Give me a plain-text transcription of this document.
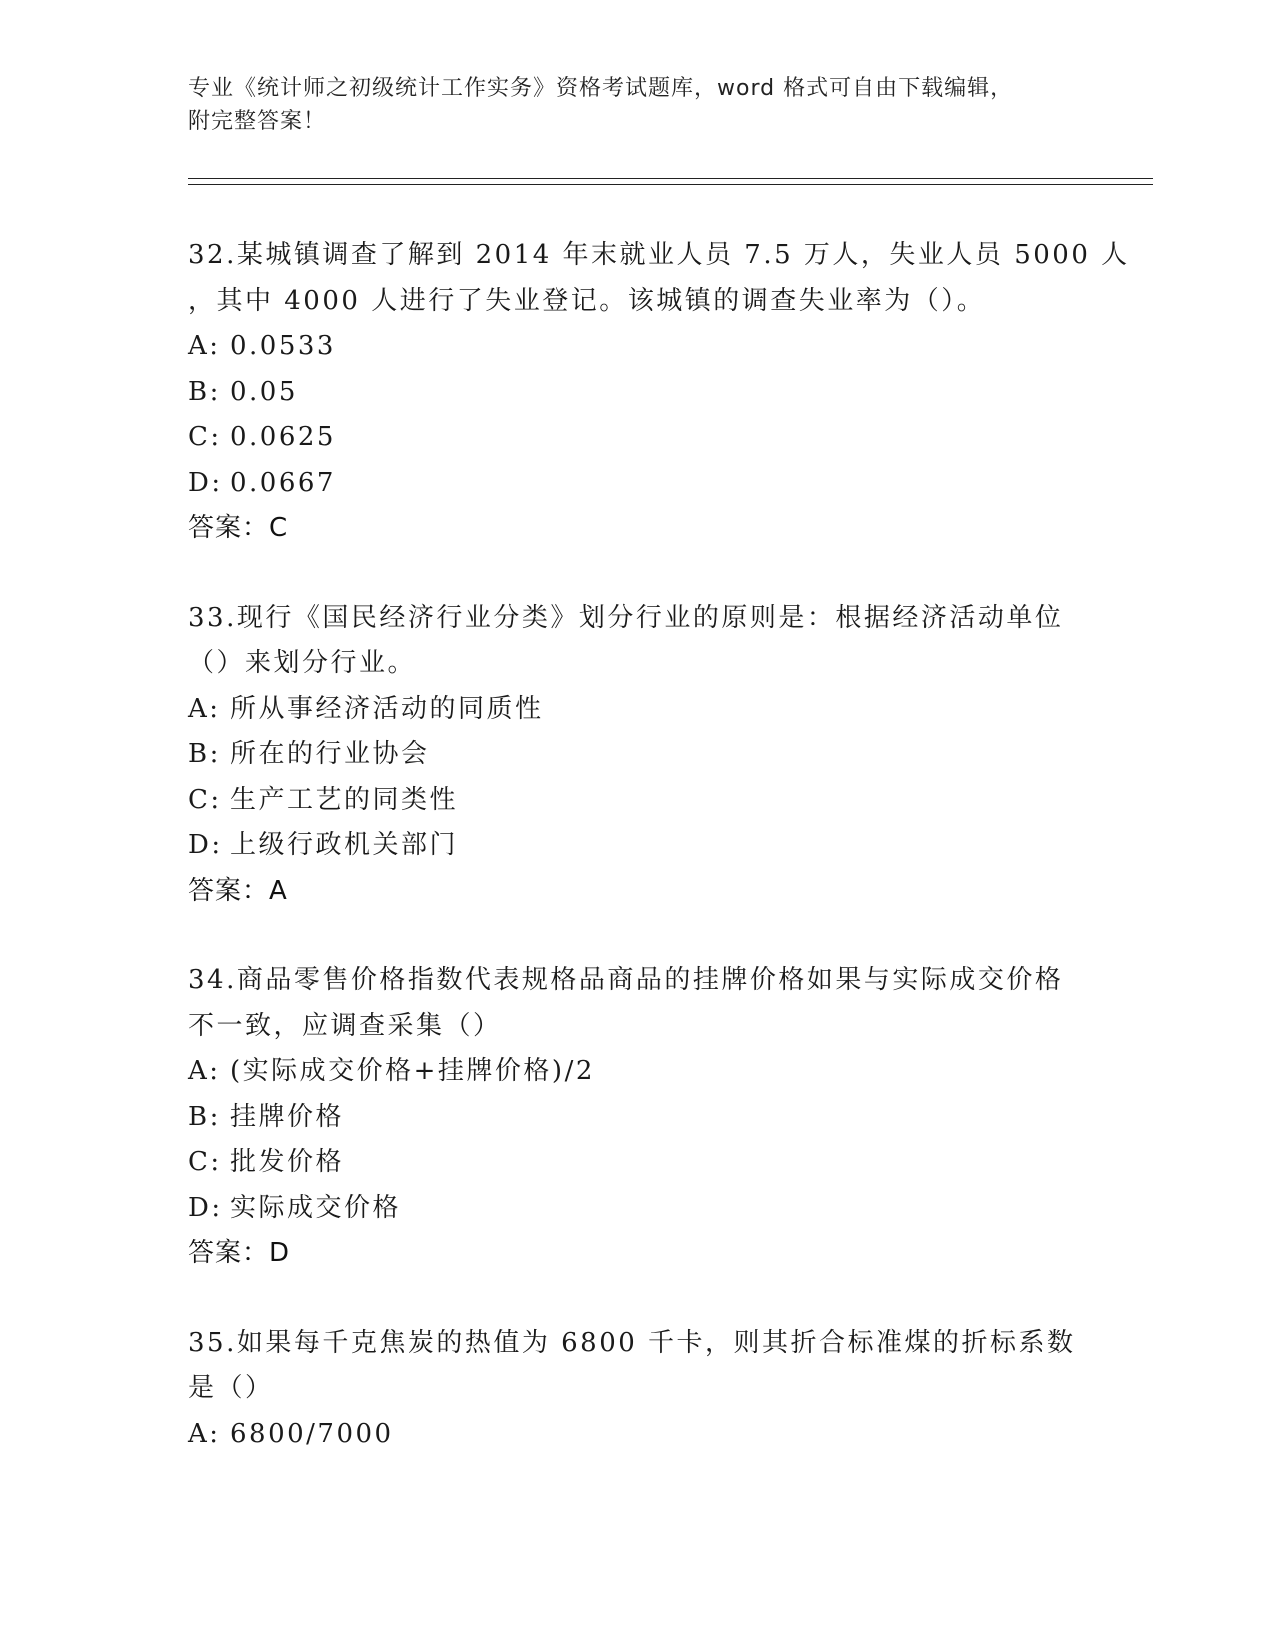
专业《统计师之初级统计工作实务》资格考试题库，word 格式可自由下载编辑，
附完整答案！
32.某城镇调查了解到 2014 年末就业人员 7.5 万人，失业人员 5000 人
，其中 4000 人进行了失业登记。该城镇的调查失业率为（）。
A: 0.0533
B: 0.05
C: 0.0625
D: 0.0667
答案：C
33.现行《国民经济行业分类》划分行业的原则是：根据经济活动单位
（）来划分行业。
A: 所从事经济活动的同质性
B: 所在的行业协会
C: 生产工艺的同类性
D: 上级行政机关部门
答案：A
34.商品零售价格指数代表规格品商品的挂牌价格如果与实际成交价格
不一致，应调查采集（）
A: (实际成交价格+挂牌价格)/2
B: 挂牌价格
C: 批发价格
D: 实际成交价格
答案：D
35.如果每千克焦炭的热值为 6800 千卡，则其折合标准煤的折标系数
是（）
A: 6800/7000
